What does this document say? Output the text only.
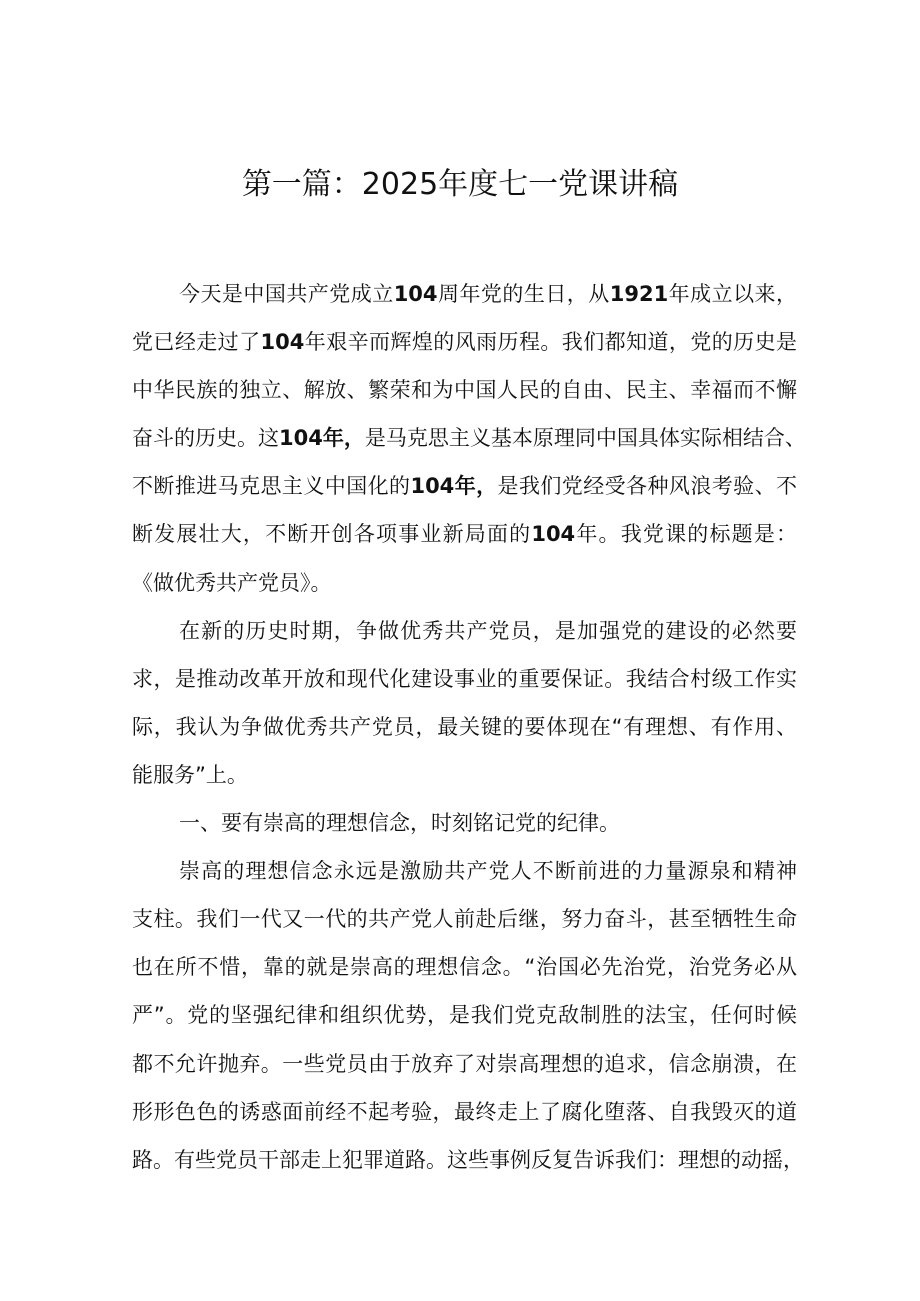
第一篇：2025年度七一党课讲稿
今天是中国共产党成立104周年党的生日，从1921年成立以来，
党已经走过了104年艰辛而辉煌的风雨历程。我们都知道，党的历史是
中华民族的独立、解放、繁荣和为中国人民的自由、民主、幸福而不懈
奋斗的历史。这104年，是马克思主义基本原理同中国具体实际相结合、
不断推进马克思主义中国化的104年，是我们党经受各种风浪考验、不
断发展壮大，不断开创各项事业新局面的104年。我党课的标题是：
《做优秀共产党员》。
在新的历史时期，争做优秀共产党员，是加强党的建设的必然要
求，是推动改革开放和现代化建设事业的重要保证。我结合村级工作实
际，我认为争做优秀共产党员，最关键的要体现在“有理想、有作用、
能服务”上。
一、要有崇高的理想信念，时刻铭记党的纪律。
崇高的理想信念永远是激励共产党人不断前进的力量源泉和精神
支柱。我们一代又一代的共产党人前赴后继，努力奋斗，甚至牺牲生命
也在所不惜，靠的就是崇高的理想信念。“治国必先治党，治党务必从
严”。党的坚强纪律和组织优势，是我们党克敌制胜的法宝，任何时候
都不允许抛弃。一些党员由于放弃了对崇高理想的追求，信念崩溃，在
形形色色的诱惑面前经不起考验，最终走上了腐化堕落、自我毁灭的道
路。有些党员干部走上犯罪道路。这些事例反复告诉我们：理想的动摇，
